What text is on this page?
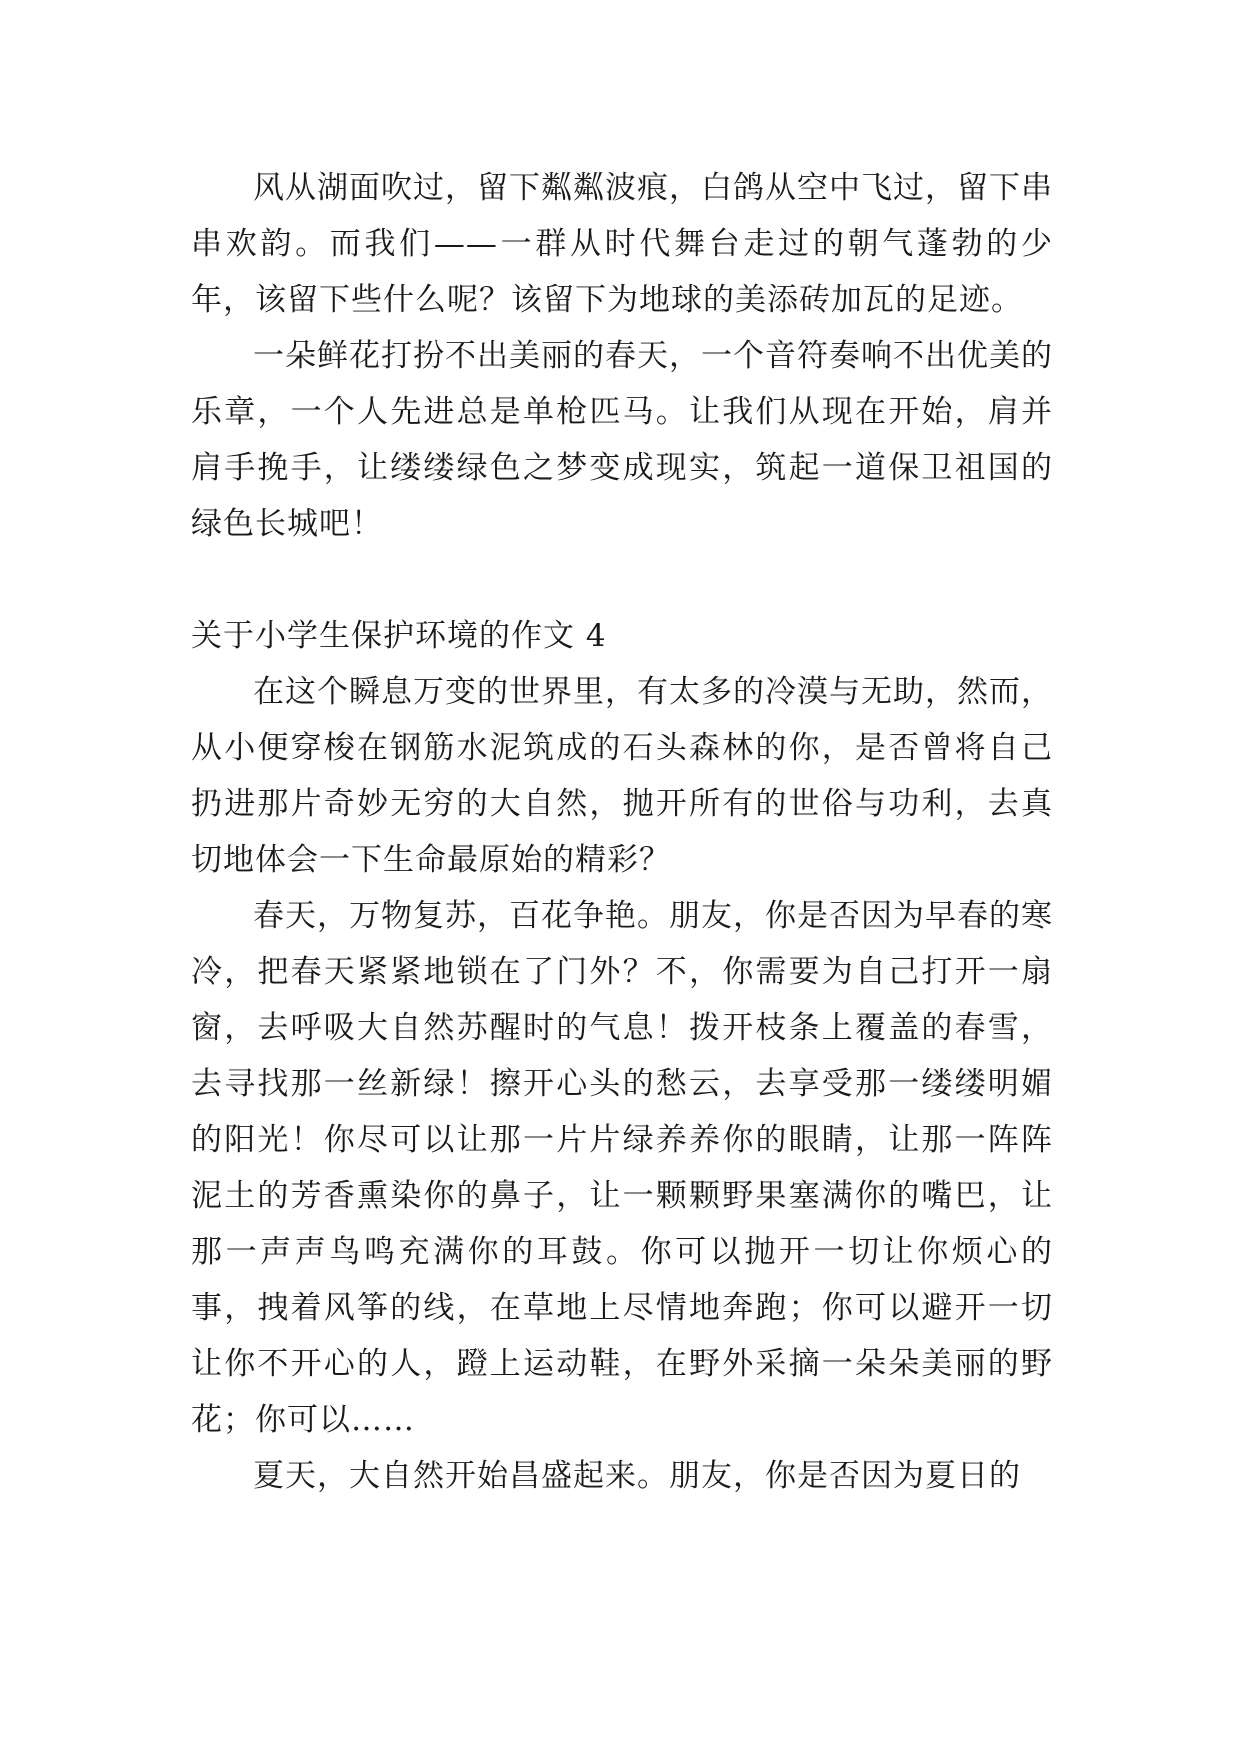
风从湖面吹过，留下粼粼波痕，白鸽从空中飞过，留下串串欢韵。而我们——一群从时代舞台走过的朝气蓬勃的少年，该留下些什么呢？该留下为地球的美添砖加瓦的足迹。

一朵鲜花打扮不出美丽的春天，一个音符奏响不出优美的乐章，一个人先进总是单枪匹马。让我们从现在开始，肩并肩手挽手，让缕缕绿色之梦变成现实，筑起一道保卫祖国的绿色长城吧！

关于小学生保护环境的作文 4

在这个瞬息万变的世界里，有太多的冷漠与无助，然而，从小便穿梭在钢筋水泥筑成的石头森林的你，是否曾将自己扔进那片奇妙无穷的大自然，抛开所有的世俗与功利，去真切地体会一下生命最原始的精彩？

春天，万物复苏，百花争艳。朋友，你是否因为早春的寒冷，把春天紧紧地锁在了门外？不，你需要为自己打开一扇窗，去呼吸大自然苏醒时的气息！拨开枝条上覆盖的春雪，去寻找那一丝新绿！擦开心头的愁云，去享受那一缕缕明媚的阳光！你尽可以让那一片片绿养养你的眼睛，让那一阵阵泥土的芳香熏染你的鼻子，让一颗颗野果塞满你的嘴巴，让那一声声鸟鸣充满你的耳鼓。你可以抛开一切让你烦心的事，拽着风筝的线，在草地上尽情地奔跑；你可以避开一切让你不开心的人，蹬上运动鞋，在野外采摘一朵朵美丽的野花；你可以……

夏天，大自然开始昌盛起来。朋友，你是否因为夏日的
